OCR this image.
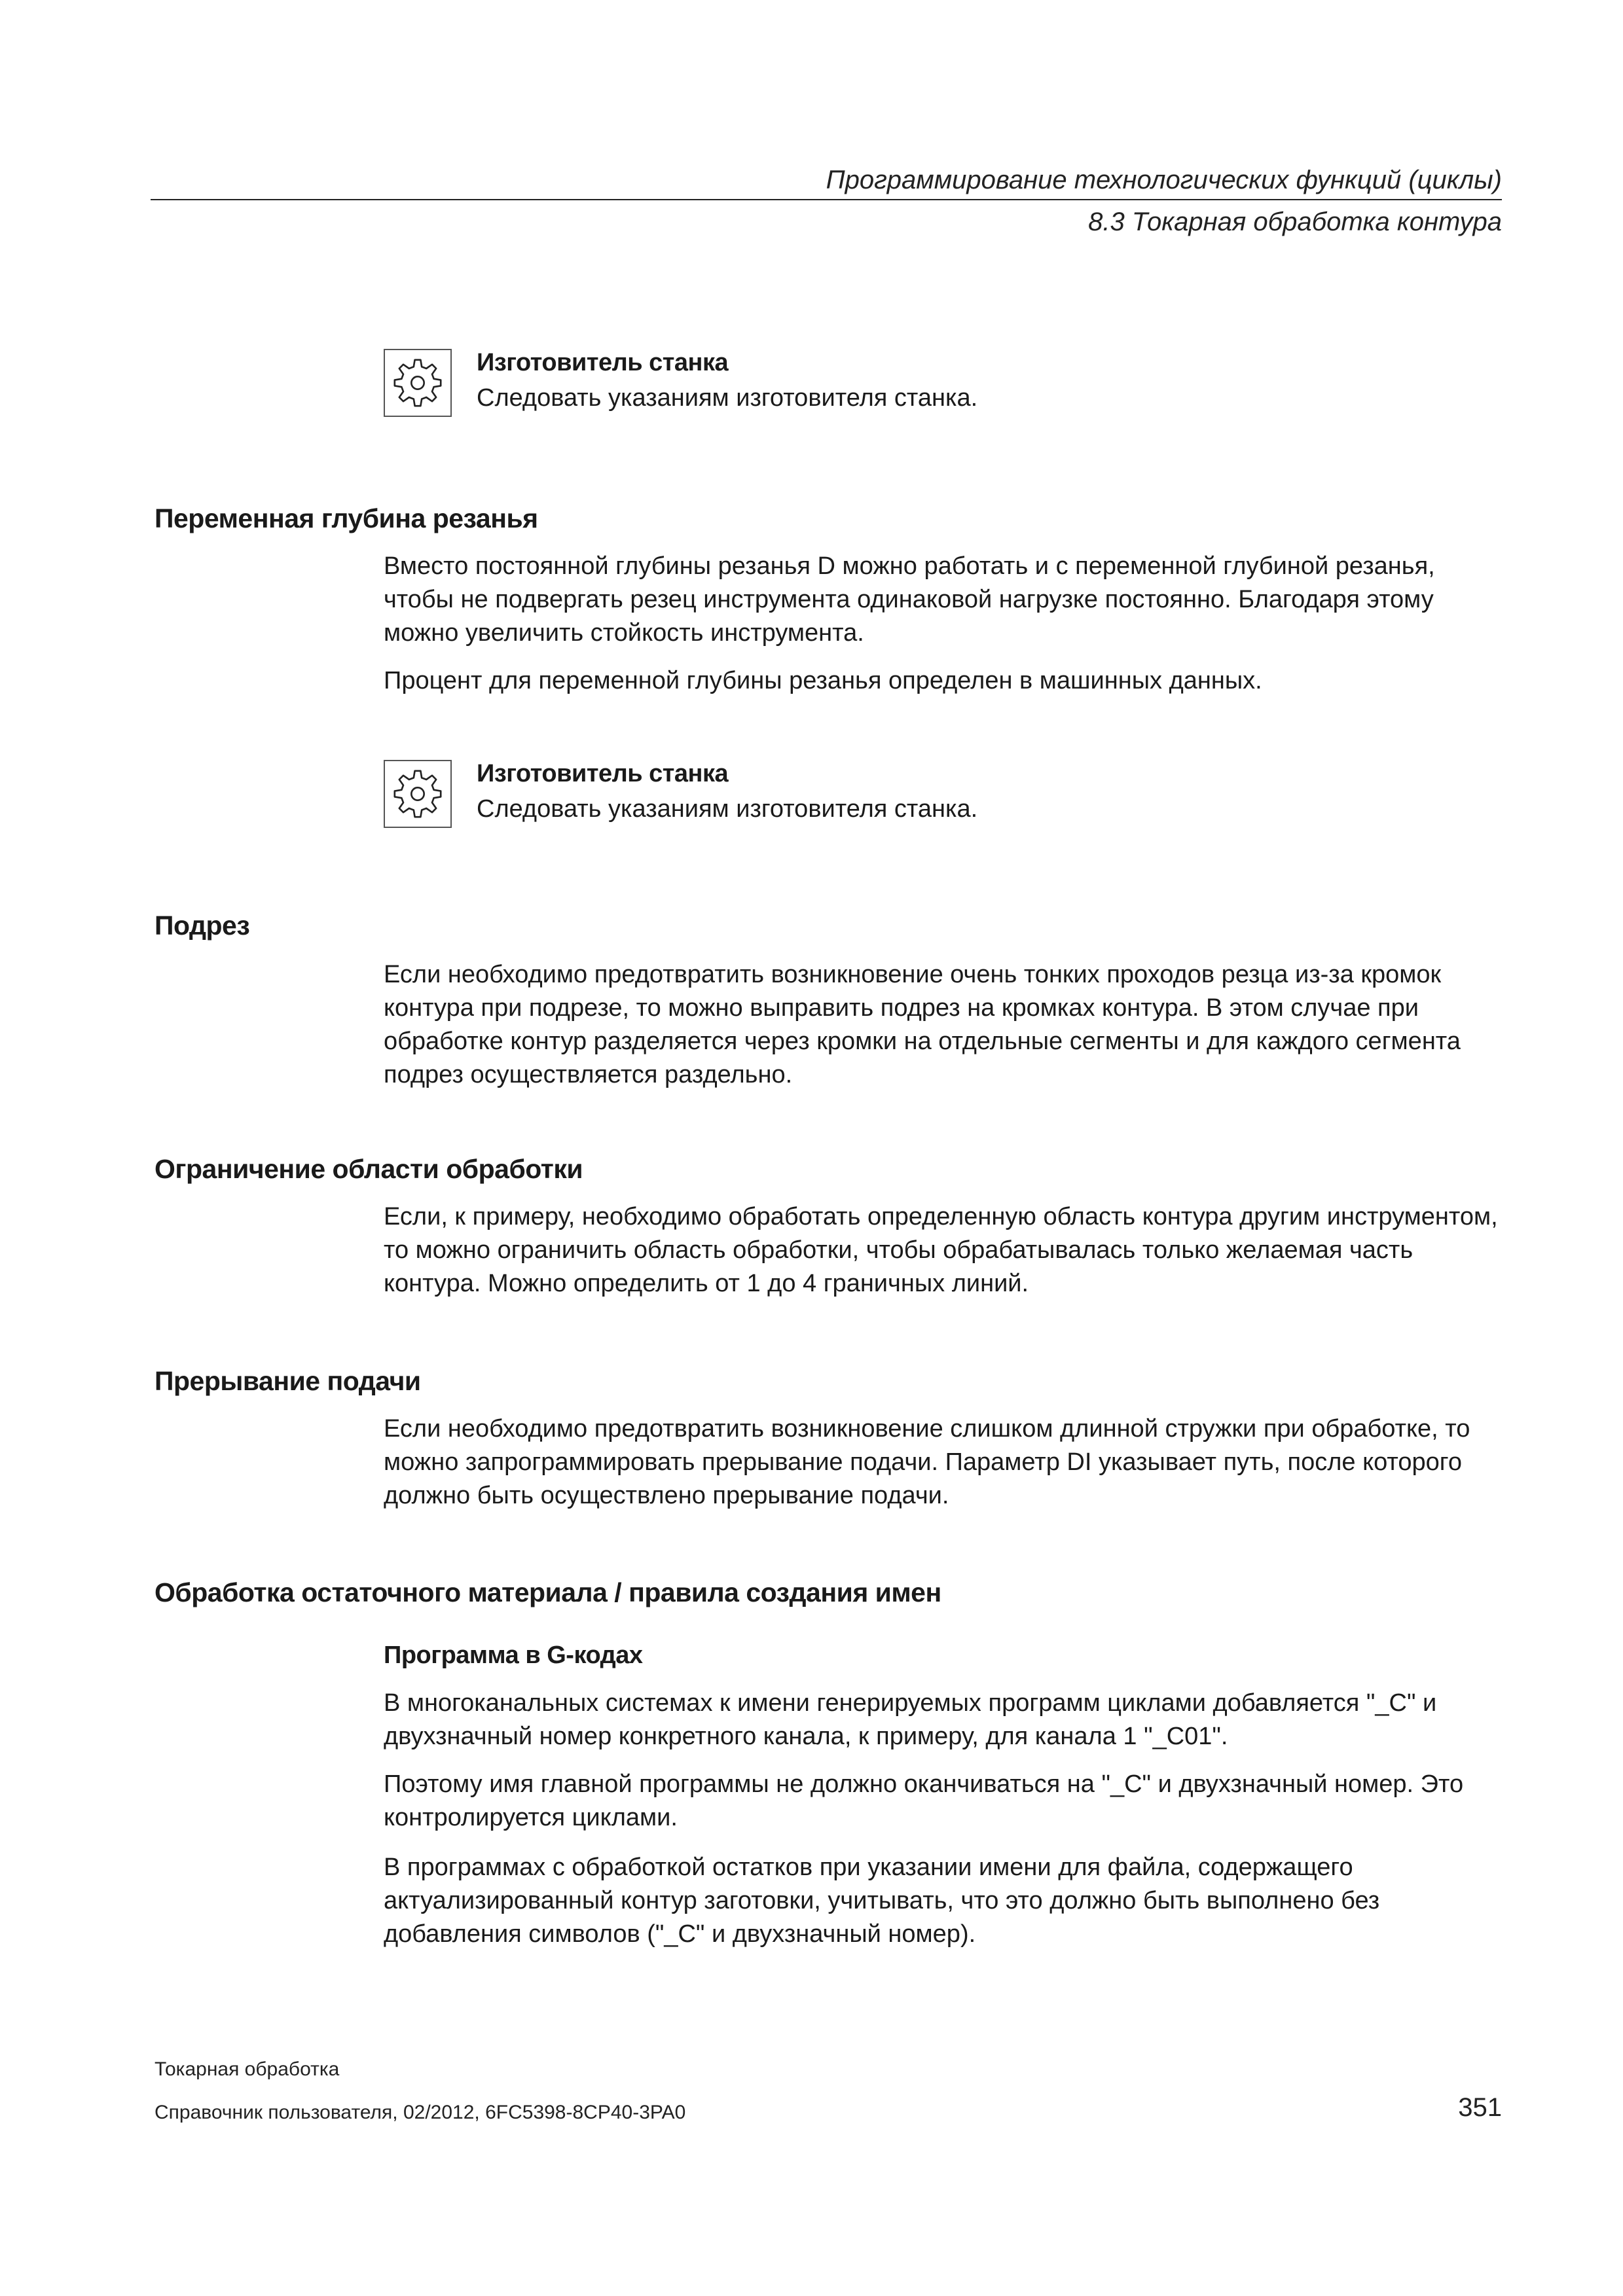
Программирование технологических функций (циклы)
8.3 Токарная обработка контура
Изготовитель станка
Следовать указаниям изготовителя станка.
Переменная глубина резанья

Вместо постоянной глубины резанья D можно работать и с переменной глубиной резанья, чтобы не подвергать резец инструмента одинаковой нагрузке постоянно. Благодаря этому можно увеличить стойкость инструмента.

Процент для переменной глубины резанья определен в машинных данных.

Изготовитель станка
Следовать указаниям изготовителя станка.
Подрез

Если необходимо предотвратить возникновение очень тонких проходов резца из-за кромок контура при подрезе, то можно выправить подрез на кромках контура. В этом случае при обработке контур разделяется через кромки на отдельные сегменты и для каждого сегмента подрез осуществляется раздельно.

Ограничение области обработки

Если, к примеру, необходимо обработать определенную область контура другим инструментом, то можно ограничить область обработки, чтобы обрабатывалась только желаемая часть контура. Можно определить от 1 до 4 граничных линий.

Прерывание подачи

Если необходимо предотвратить возникновение слишком длинной стружки при обработке, то можно запрограммировать прерывание подачи. Параметр DI указывает путь, после которого должно быть осуществлено прерывание подачи.

Обработка остаточного материала / правила создания имен
Программа в G-кодах

В многоканальных системах к имени генерируемых программ циклами добавляется "_C" и двухзначный номер конкретного канала, к примеру, для канала 1 "_C01".

Поэтому имя главной программы не должно оканчиваться на "_C" и двухзначный номер. Это контролируется циклами.

В программах с обработкой остатков при указании имени для файла, содержащего актуализированный контур заготовки, учитывать, что это должно быть выполнено без добавления символов ("_C" и двухзначный номер).

Токарная обработка
Справочник пользователя, 02/2012, 6FC5398-8CP40-3PA0	351
